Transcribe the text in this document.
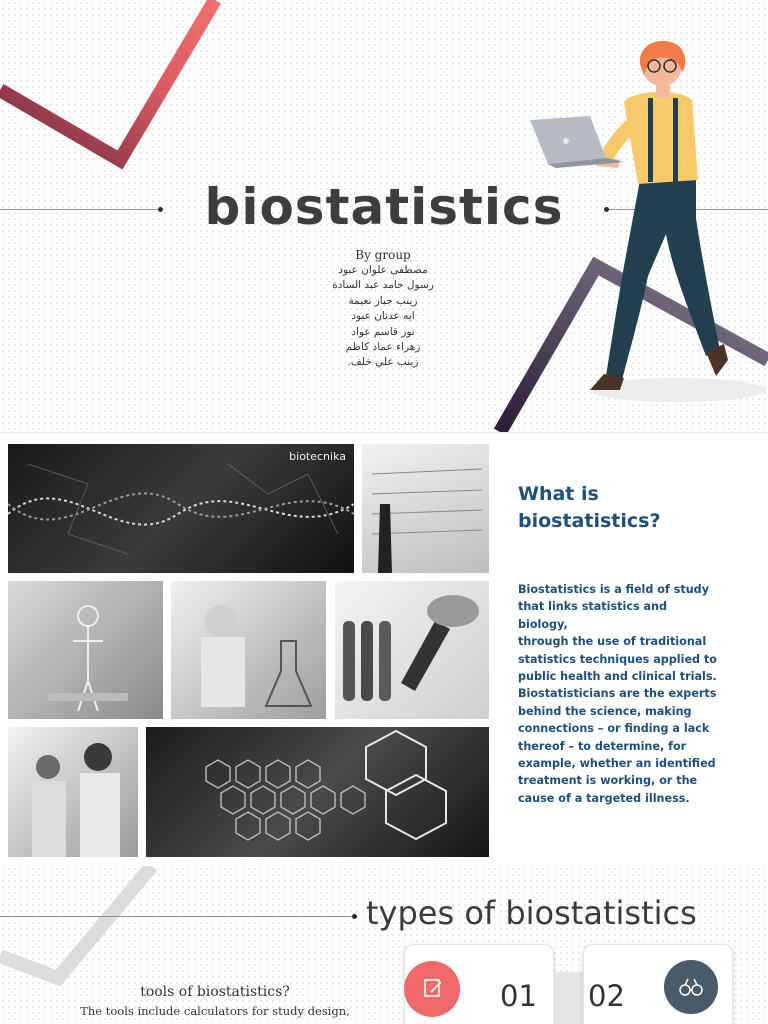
biostatistics
By group
مصطفى علوان عبود
رسول حامد عبد السادة
زينب جبار نعيمة
ايه عدنان عبود
نور قاسم عواد
زهراء عماد كاظم
زينب علي خلف.
biotecnika
What is
biostatistics?
Biostatistics is a field of study
that links statistics and biology,
through the use of traditional
statistics techniques applied to
public health and clinical trials.
Biostatisticians are the experts
behind the science, making
connections – or finding a lack
thereof – to determine, for
example, whether an identified
treatment is working, or the
cause of a targeted illness.
types of biostatistics
01 02
tools of biostatistics?
The tools include calculators for study design,
